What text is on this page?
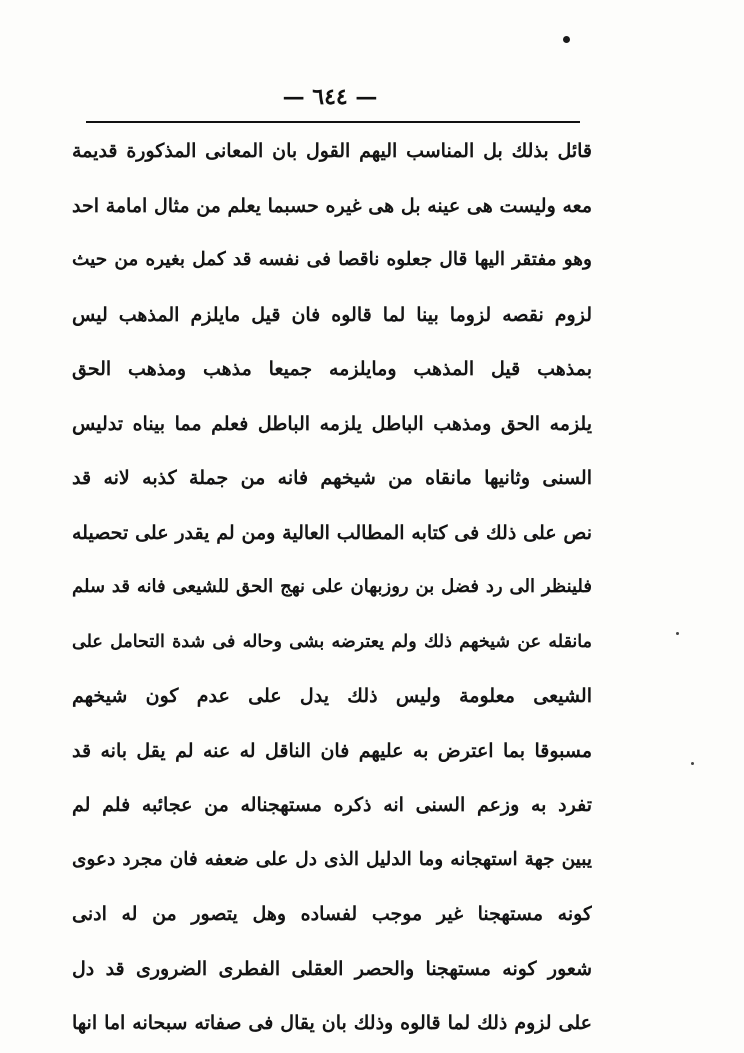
— ٦٤٤ —
قائل بذلك بل المناسب اليهم القول بان المعانى المذكورة قديمة
معه وليست هى عينه بل هى غيره حسبما يعلم من مثال امامة احد
وهو مفتقر اليها قال جعلوه ناقصا فى نفسه قد كمل بغيره من حيث
لزوم نقصه لزوما بينا لما قالوه فان قيل مايلزم المذهب ليس
بمذهب قيل المذهب ومايلزمه جميعا مذهب ومذهب الحق
يلزمه الحق ومذهب الباطل يلزمه الباطل فعلم مما بيناه تدليس
السنى وثانيها مانقاه من شيخهم فانه من جملة كذبه لانه قد
نص على ذلك فى كتابه المطالب العالية ومن لم يقدر على تحصيله
فلينظر الى رد فضل بن روزبهان على نهج الحق للشيعى فانه قد سلم
مانقله عن شيخهم ذلك ولم يعترضه بشى وحاله فى شدة التحامل على
الشيعى معلومة وليس ذلك يدل على عدم كون شيخهم
مسبوقا بما اعترض به عليهم فان الناقل له عنه لم يقل بانه قد
تفرد به وزعم السنى انه ذكره مستهجناله من عجائبه فلم لم
يبين جهة استهجانه وما الدليل الذى دل على ضعفه فان مجرد دعوى
كونه مستهجنا غير موجب لفساده وهل يتصور من له ادنى
شعور كونه مستهجنا والحصر العقلى الفطرى الضرورى قد دل
على لزوم ذلك لما قالوه وذلك بان يقال فى صفاته سبحانه اما انها
